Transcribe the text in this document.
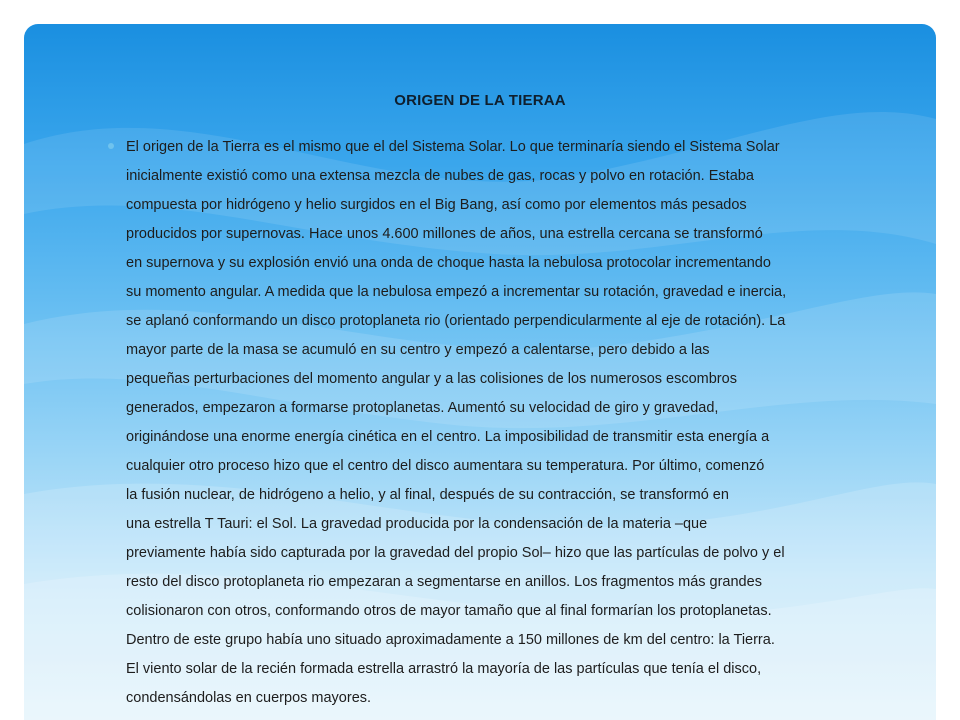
ORIGEN DE LA TIERAA
El origen de la Tierra es el mismo que el del Sistema Solar. Lo que terminaría siendo el Sistema Solar
inicialmente existió como una extensa mezcla de nubes de gas, rocas y polvo en rotación. Estaba
compuesta por hidrógeno y helio surgidos en el Big Bang, así como por elementos más pesados
producidos por supernovas. Hace unos 4.600 millones de años, una estrella cercana se transformó
en supernova y su explosión envió una onda de choque hasta la nebulosa protocolar incrementando
su momento angular. A medida que la nebulosa empezó a incrementar su rotación, gravedad e inercia,
se aplanó conformando un disco protoplaneta rio (orientado perpendicularmente al eje de rotación). La
mayor parte de la masa se acumuló en su centro y empezó a calentarse, pero debido a las
pequeñas perturbaciones del momento angular y a las colisiones de los numerosos escombros
generados, empezaron a formarse protoplanetas. Aumentó su velocidad de giro y gravedad,
originándose una enorme energía cinética en el centro. La imposibilidad de transmitir esta energía a
cualquier otro proceso hizo que el centro del disco aumentara su temperatura. Por último, comenzó
la fusión nuclear, de hidrógeno a helio, y al final, después de su contracción, se transformó en
una estrella T Tauri: el Sol. La gravedad producida por la condensación de la materia –que
previamente había sido capturada por la gravedad del propio Sol– hizo que las partículas de polvo y el
resto del disco protoplaneta rio empezaran a segmentarse en anillos. Los fragmentos más grandes
colisionaron con otros, conformando otros de mayor tamaño que al final formarían los protoplanetas.
Dentro de este grupo había uno situado aproximadamente a 150 millones de km del centro: la Tierra.
El viento solar de la recién formada estrella arrastró la mayoría de las partículas que tenía el disco,
condensándolas en cuerpos mayores.
